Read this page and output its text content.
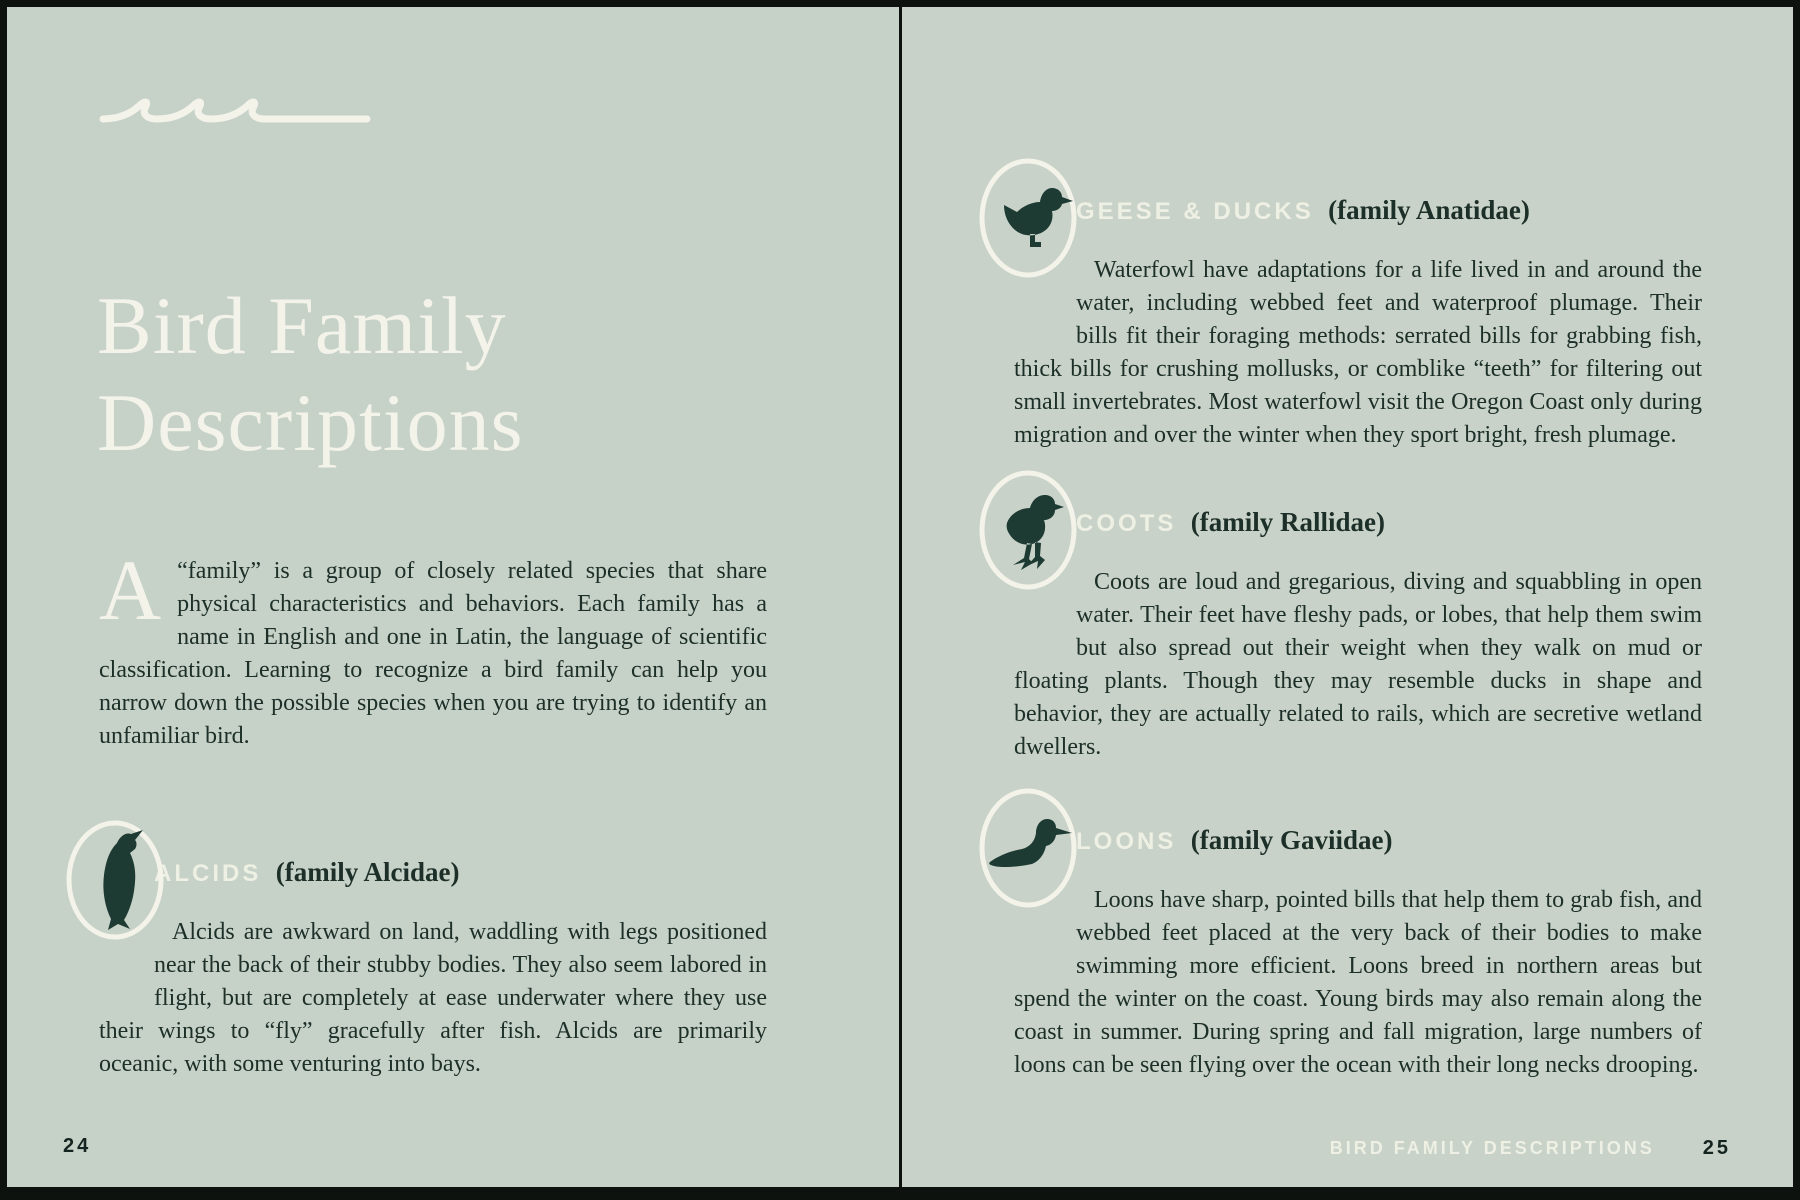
Bird Family
Descriptions
A “family” is a group of closely related species that share physical characteristics and behaviors. Each family has a name in English and one in Latin, the language of scientific classification. Learning to recognize a bird family can help you narrow down the possible species when you are trying to identify an unfamiliar bird.
ALCIDS (family Alcidae)

Alcids are awkward on land, waddling with legs positioned near the back of their stubby bodies. They also seem labored in flight, but are completely at ease underwater where they use their wings to “fly” gracefully after fish. Alcids are primarily oceanic, with some venturing into bays.

24
GEESE & DUCKS (family Anatidae)

Waterfowl have adaptations for a life lived in and around the water, including webbed feet and waterproof plumage. Their bills fit their foraging methods: serrated bills for grabbing fish, thick bills for crushing mollusks, or comblike “teeth” for filtering out small invertebrates. Most waterfowl visit the Oregon Coast only during migration and over the winter when they sport bright, fresh plumage.

COOTS (family Rallidae)

Coots are loud and gregarious, diving and squabbling in open water. Their feet have fleshy pads, or lobes, that help them swim but also spread out their weight when they walk on mud or floating plants. Though they may resemble ducks in shape and behavior, they are actually related to rails, which are secretive wetland dwellers.

LOONS (family Gaviidae)

Loons have sharp, pointed bills that help them to grab fish, and webbed feet placed at the very back of their bodies to make swimming more efficient. Loons breed in northern areas but spend the winter on the coast. Young birds may also remain along the coast in summer. During spring and fall migration, large numbers of loons can be seen flying over the ocean with their long necks drooping.

BIRD FAMILY DESCRIPTIONS 25
